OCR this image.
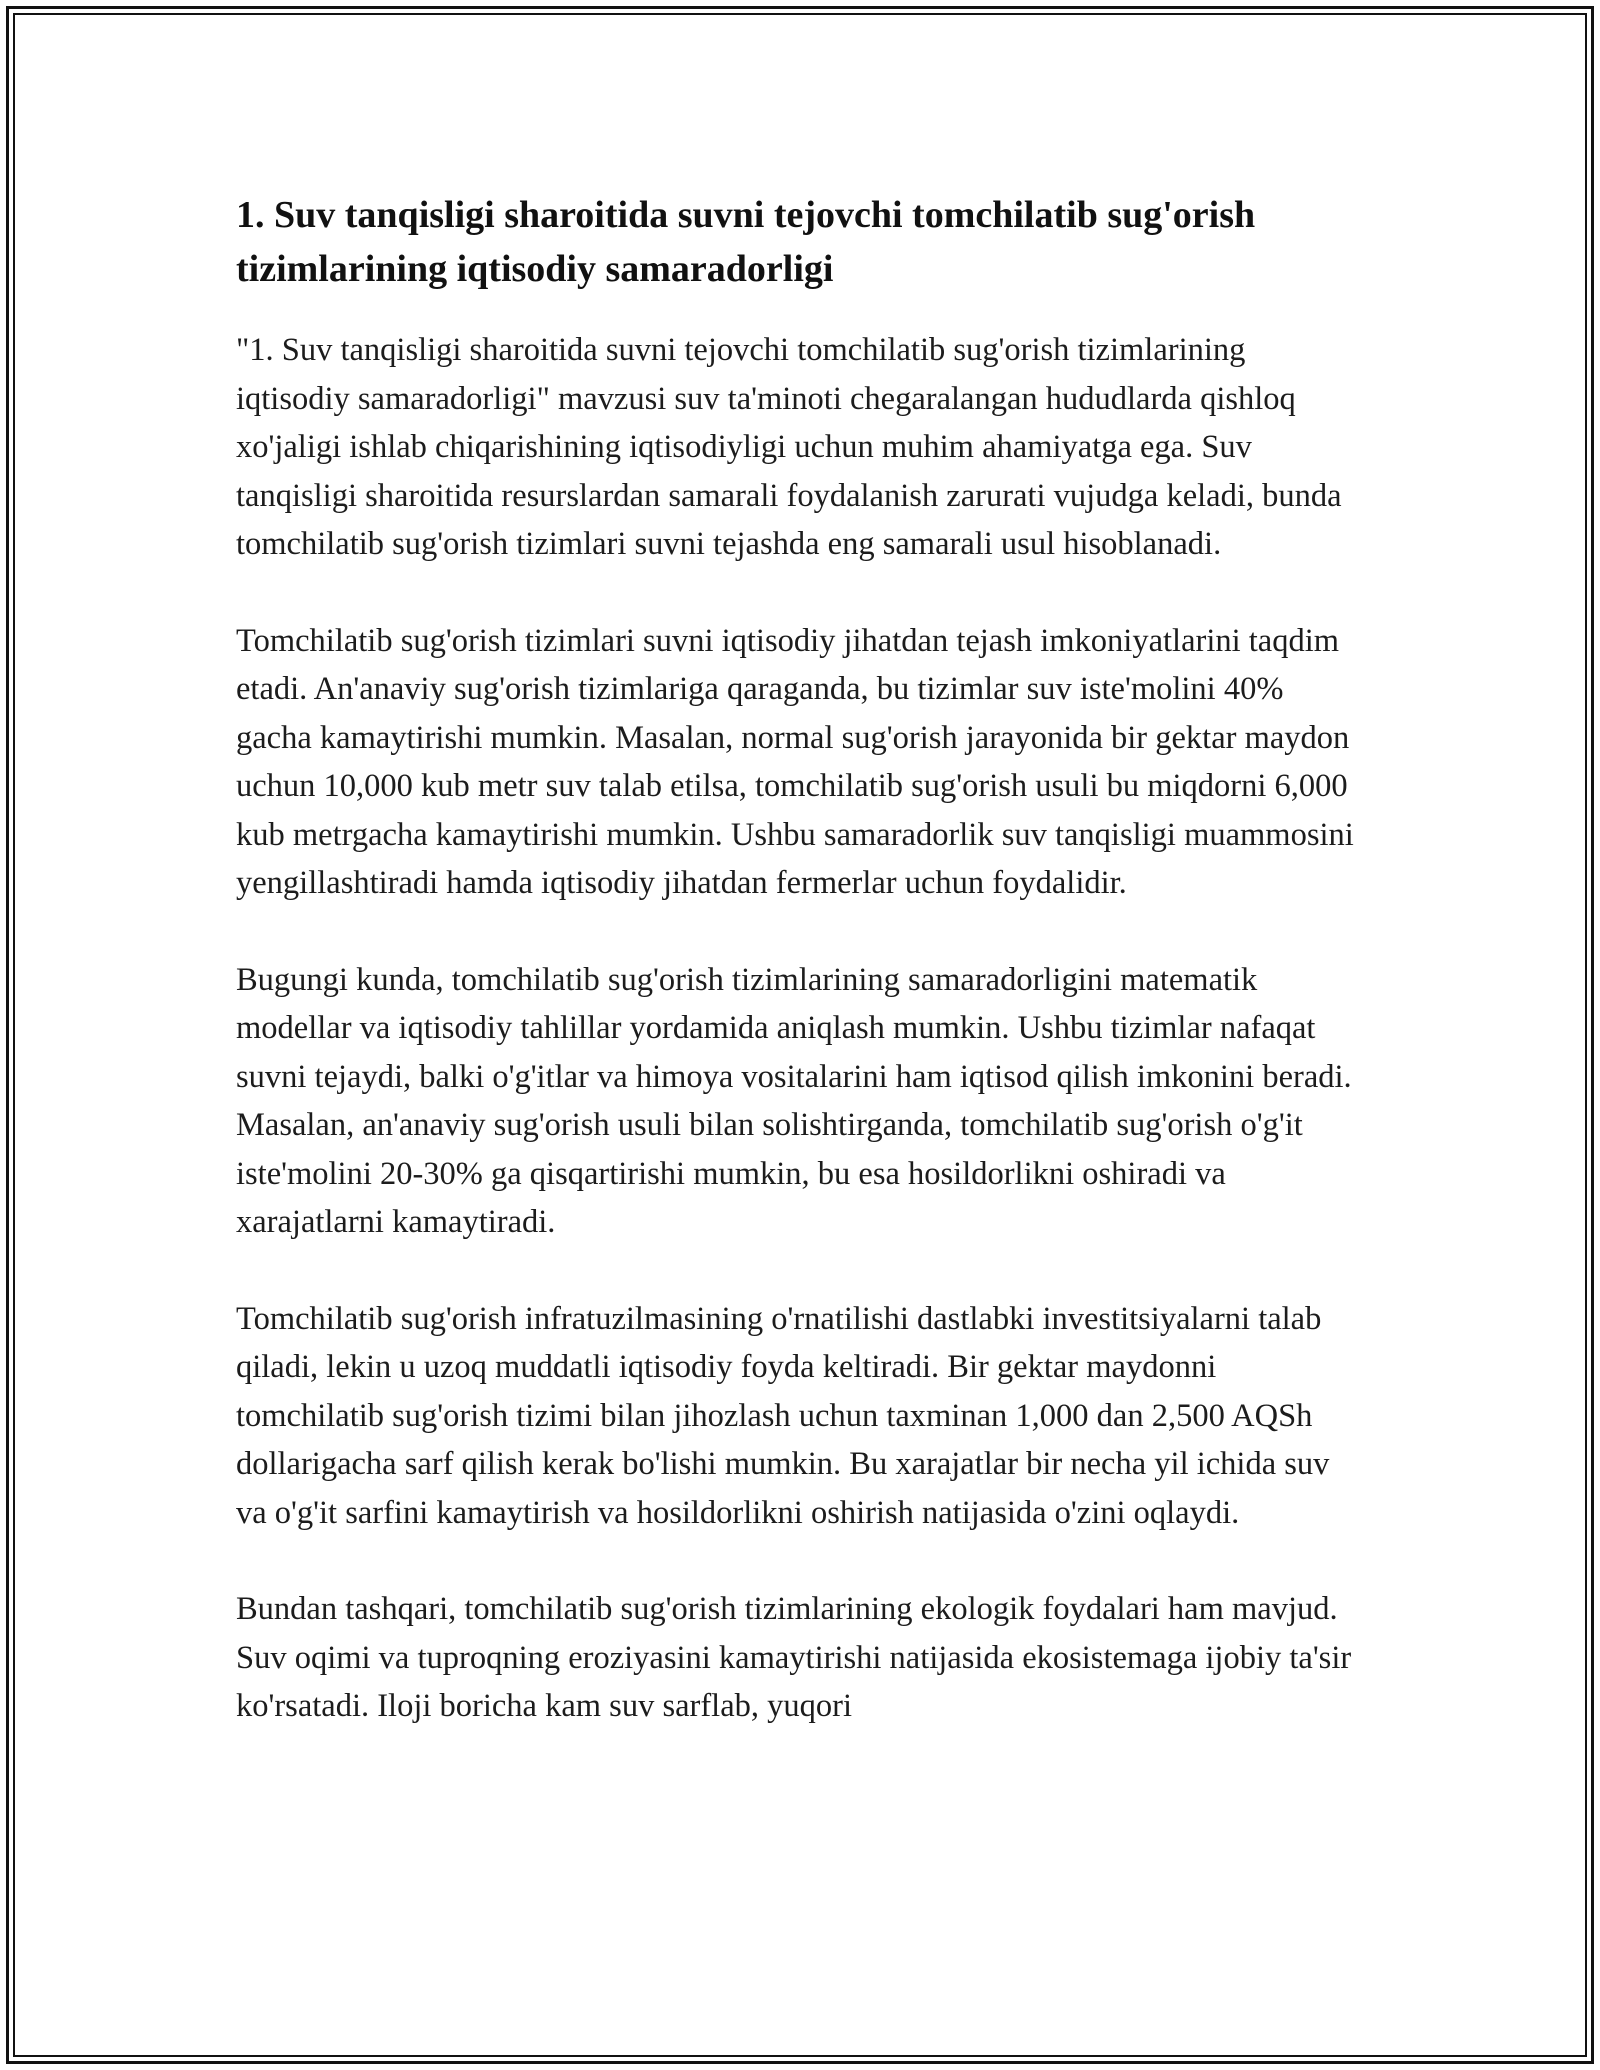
1. Suv tanqisligi sharoitida suvni tejovchi tomchilatib sug'orish tizimlarining iqtisodiy samaradorligi

"1. Suv tanqisligi sharoitida suvni tejovchi tomchilatib sug'orish tizimlarining iqtisodiy samaradorligi" mavzusi suv ta'minoti chegaralangan hududlarda qishloq xo'jaligi ishlab chiqarishining iqtisodiyligi uchun muhim ahamiyatga ega. Suv tanqisligi sharoitida resurslardan samarali foydalanish zarurati vujudga keladi, bunda tomchilatib sug'orish tizimlari suvni tejashda eng samarali usul hisoblanadi.

Tomchilatib sug'orish tizimlari suvni iqtisodiy jihatdan tejash imkoniyatlarini taqdim etadi. An'anaviy sug'orish tizimlariga qaraganda, bu tizimlar suv iste'molini 40% gacha kamaytirishi mumkin. Masalan, normal sug'orish jarayonida bir gektar maydon uchun 10,000 kub metr suv talab etilsa, tomchilatib sug'orish usuli bu miqdorni 6,000 kub metrgacha kamaytirishi mumkin. Ushbu samaradorlik suv tanqisligi muammosini yengillashtiradi hamda iqtisodiy jihatdan fermerlar uchun foydalidir.

Bugungi kunda, tomchilatib sug'orish tizimlarining samaradorligini matematik modellar va iqtisodiy tahlillar yordamida aniqlash mumkin. Ushbu tizimlar nafaqat suvni tejaydi, balki o'g'itlar va himoya vositalarini ham iqtisod qilish imkonini beradi. Masalan, an'anaviy sug'orish usuli bilan solishtirganda, tomchilatib sug'orish o'g'it iste'molini 20-30% ga qisqartirishi mumkin, bu esa hosildorlikni oshiradi va xarajatlarni kamaytiradi.

Tomchilatib sug'orish infratuzilmasining o'rnatilishi dastlabki investitsiyalarni talab qiladi, lekin u uzoq muddatli iqtisodiy foyda keltiradi. Bir gektar maydonni tomchilatib sug'orish tizimi bilan jihozlash uchun taxminan 1,000 dan 2,500 AQSh dollarigacha sarf qilish kerak bo'lishi mumkin. Bu xarajatlar bir necha yil ichida suv va o'g'it sarfini kamaytirish va hosildorlikni oshirish natijasida o'zini oqlaydi.

Bundan tashqari, tomchilatib sug'orish tizimlarining ekologik foydalari ham mavjud. Suv oqimi va tuproqning eroziyasini kamaytirishi natijasida ekosistemaga ijobiy ta'sir ko'rsatadi. Iloji boricha kam suv sarflab, yuqori
